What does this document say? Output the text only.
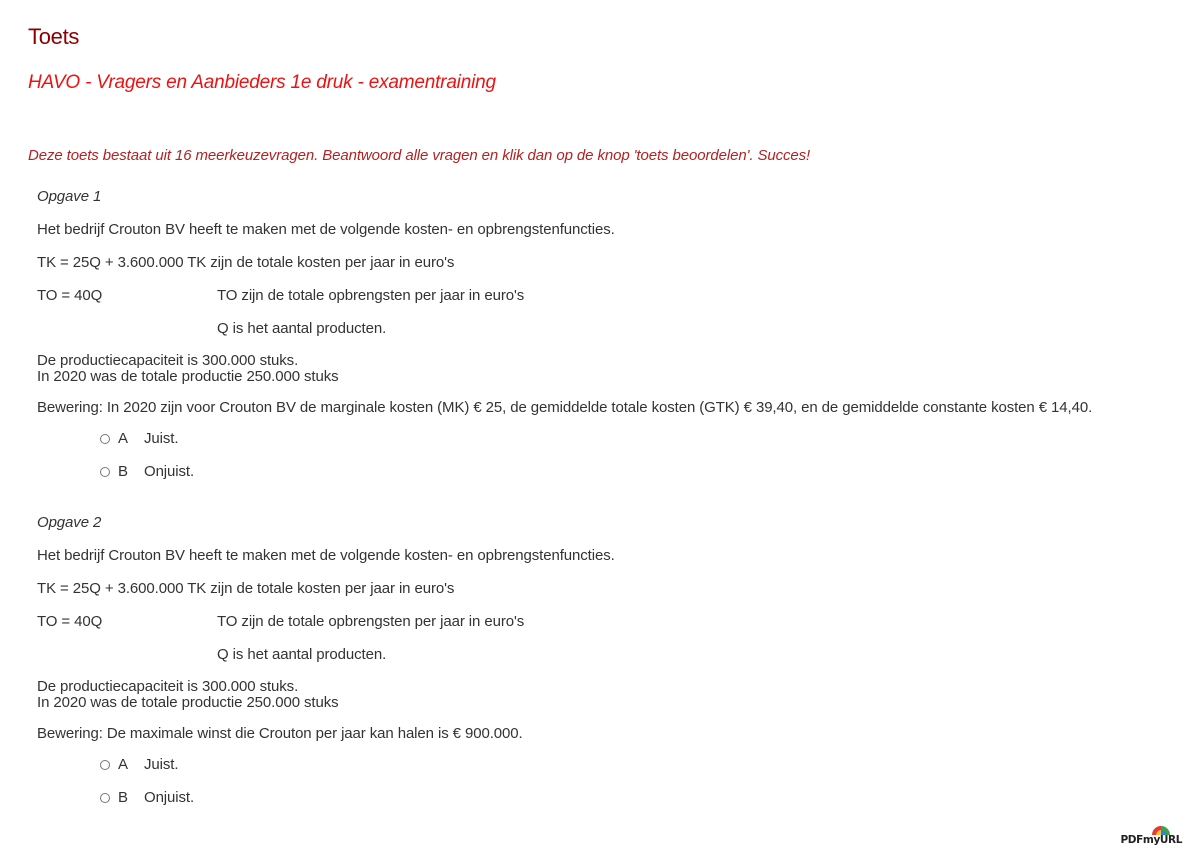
Toets
HAVO - Vragers en Aanbieders 1e druk - examentraining

Deze toets bestaat uit 16 meerkeuzevragen. Beantwoord alle vragen en klik dan op de knop 'toets beoordelen'. Succes!

Opgave 1
Het bedrijf Crouton BV heeft te maken met de volgende kosten- en opbrengstenfuncties.
TK = 25Q + 3.600.000 TK zijn de totale kosten per jaar in euro's
TO = 40Q	TO zijn de totale opbrengsten per jaar in euro's
Q is het aantal producten.
De productiecapaciteit is 300.000 stuks.
In 2020 was de totale productie 250.000 stuks
Bewering: In 2020 zijn voor Crouton BV de marginale kosten (MK) € 25, de gemiddelde totale kosten (GTK) € 39,40, en de gemiddelde constante kosten € 14,40.
A	Juist.
B	Onjuist.
Opgave 2
Het bedrijf Crouton BV heeft te maken met de volgende kosten- en opbrengstenfuncties.
TK = 25Q + 3.600.000 TK zijn de totale kosten per jaar in euro's
TO = 40Q	TO zijn de totale opbrengsten per jaar in euro's
Q is het aantal producten.
De productiecapaciteit is 300.000 stuks.
In 2020 was de totale productie 250.000 stuks
Bewering: De maximale winst die Crouton per jaar kan halen is € 900.000.
A	Juist.
B	Onjuist.
PDFmyURL
